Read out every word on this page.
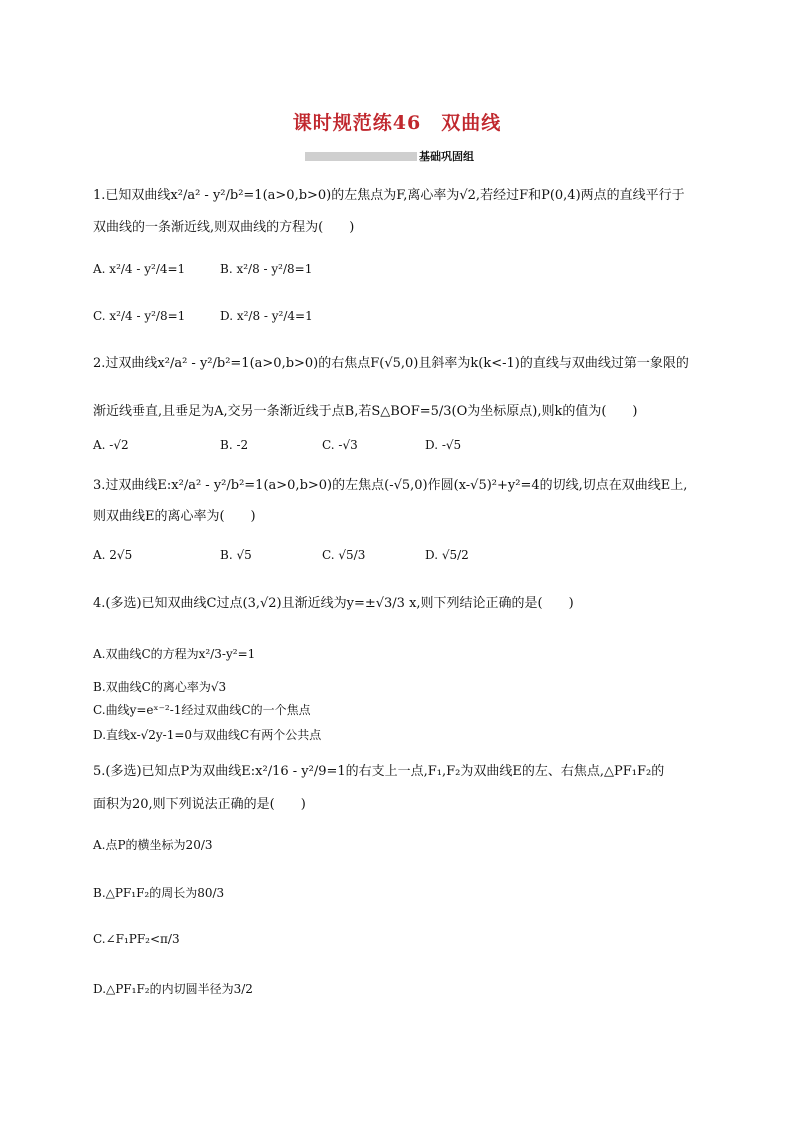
课时规范练46　双曲线
基础巩固组
1.已知双曲线x²/a² - y²/b²=1(a>0,b>0)的左焦点为F,离心率为√2,若经过F和P(0,4)两点的直线平行于
双曲线的一条渐近线,则双曲线的方程为(　　)
A. x²/4 - y²/4=1	B. x²/8 - y²/8=1
C. x²/4 - y²/8=1	D. x²/8 - y²/4=1
2.过双曲线x²/a² - y²/b²=1(a>0,b>0)的右焦点F(√5,0)且斜率为k(k<-1)的直线与双曲线过第一象限的
渐近线垂直,且垂足为A,交另一条渐近线于点B,若S△BOF=5/3(O为坐标原点),则k的值为(　　)
A. -√2	B. -2	C. -√3	D. -√5
3.过双曲线E:x²/a² - y²/b²=1(a>0,b>0)的左焦点(-√5,0)作圆(x-√5)²+y²=4的切线,切点在双曲线E上,
则双曲线E的离心率为(　　)
A. 2√5	B. √5	C. √5/3	D. √5/2
4.(多选)已知双曲线C过点(3,√2)且渐近线为y=±√3/3 x,则下列结论正确的是(　　)
A.双曲线C的方程为x²/3-y²=1
B.双曲线C的离心率为√3
C.曲线y=eˣ⁻²-1经过双曲线C的一个焦点
D.直线x-√2y-1=0与双曲线C有两个公共点
5.(多选)已知点P为双曲线E:x²/16 - y²/9=1的右支上一点,F₁,F₂为双曲线E的左、右焦点,△PF₁F₂的
面积为20,则下列说法正确的是(　　)
A.点P的横坐标为20/3
B.△PF₁F₂的周长为80/3
C.∠F₁PF₂<π/3
D.△PF₁F₂的内切圆半径为3/2
